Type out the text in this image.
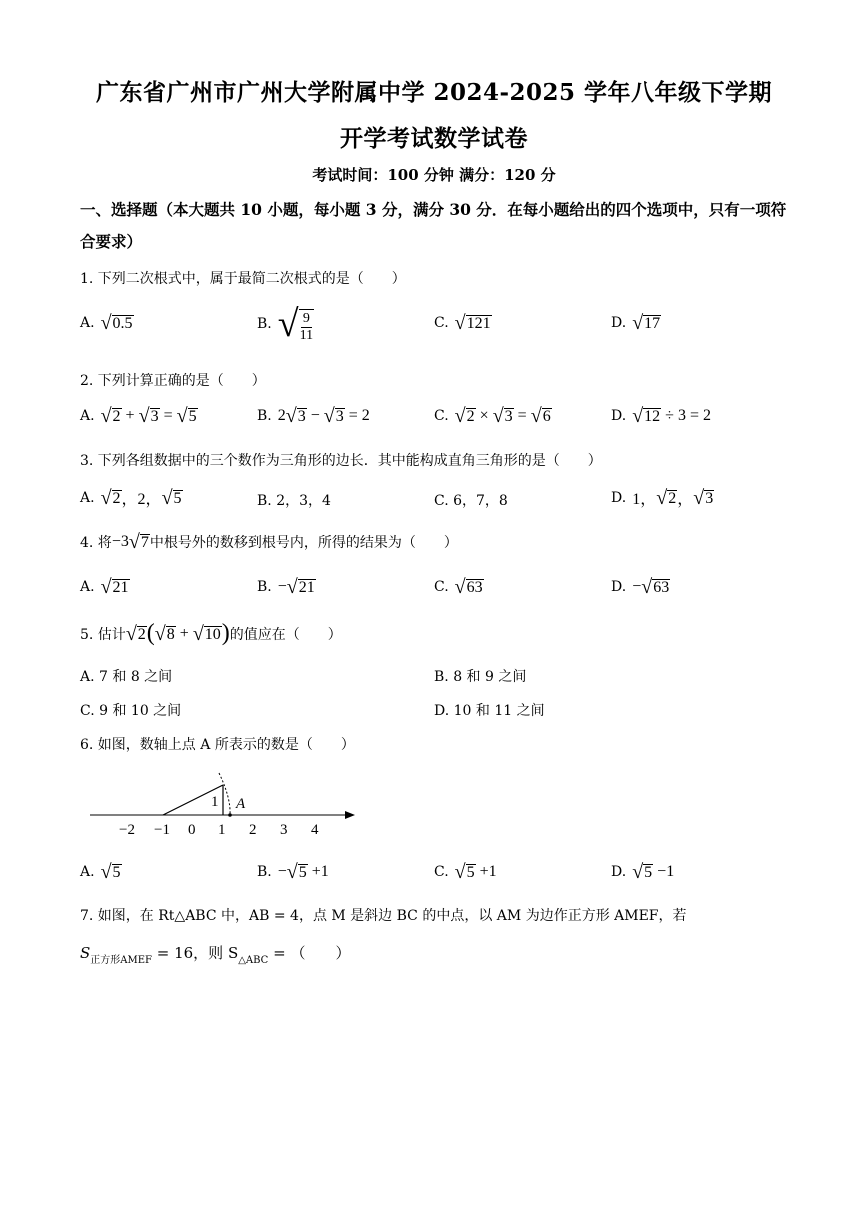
广东省广州市广州大学附属中学 2024-2025 学年八年级下学期
开学考试数学试卷
考试时间：100 分钟 满分：120 分
一、选择题（本大题共 10 小题，每小题 3 分，满分 30 分．在每小题给出的四个选项中，只有一项符合要求）
1. 下列二次根式中，属于最简二次根式的是（　　）
A. √ 0.5	B. √ $\frac{9}{11}$	C. √ 121	D. √ 17
2. 下列计算正确的是（　　）
A. √ 2 + √ 3 = √ 5	B. 2 √ 3 − √ 3 = 2	C. √ 2 × √ 3 = √ 6	D. √ 12 ÷ 3 = 2
3. 下列各组数据中的三个数作为三角形的边长．其中能构成直角三角形的是（　　）
A. √ 2 ，2， √ 5	B. 2，3，4	C. 6，7，8	D. 1， √ 2 ， √ 3
4. 将 −3 √ 7 中根号外的数移到根号内，所得的结果为（　　）
A. √ 21	B. − √ 21	C. √ 63	D. − √ 63
5. 估计 √ 2 ( √ 8 + √ 10 ) 的值应在（　　）
A. 7 和 8 之间	B. 8 和 9 之间
C. 9 和 10 之间	D. 10 和 11 之间
6. 如图，数轴上点 A 所表示的数是（　　）
1 A
−2 −1 0 1 2 3 4
A. √ 5	B. − √ 5 +1	C. √ 5 +1	D. √ 5 −1
7. 如图，在 Rt△ABC 中，AB = 4，点 M 是斜边 BC 的中点，以 AM 为边作正方形 AMEF，若
$S_{正方形AMEF} = 16$，则 $S_{\triangle ABC}$ = （　　）
